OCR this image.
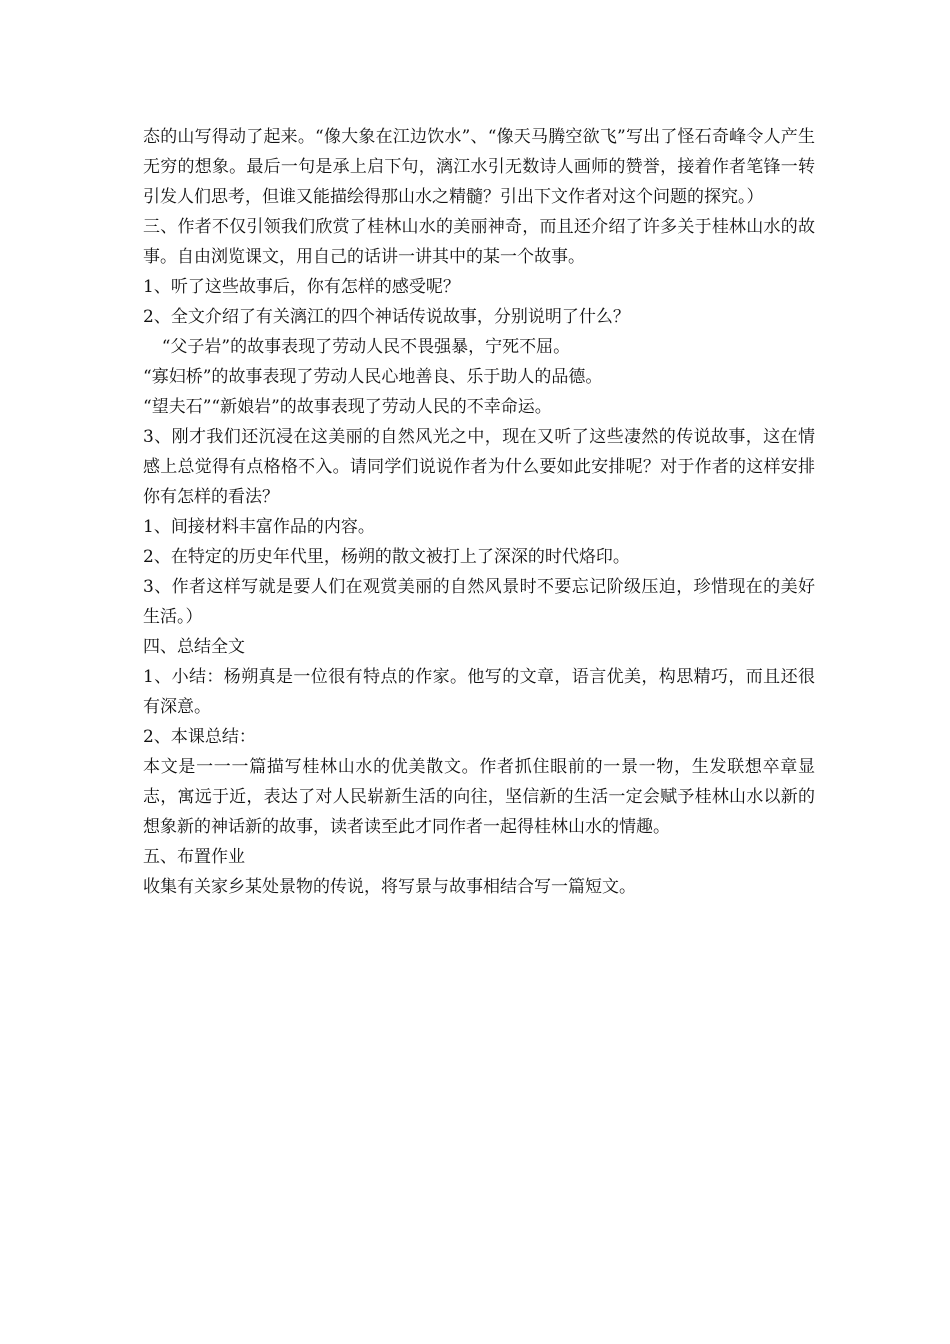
态的山写得动了起来。“像大象在江边饮水”、“像天马腾空欲飞”写出了怪石奇峰令人产生无穷的想象。最后一句是承上启下句，漓江水引无数诗人画师的赞誉，接着作者笔锋一转引发人们思考，但谁又能描绘得那山水之精髓？引出下文作者对这个问题的探究。）

三、作者不仅引领我们欣赏了桂林山水的美丽神奇，而且还介绍了许多关于桂林山水的故事。自由浏览课文，用自己的话讲一讲其中的某一个故事。

1、听了这些故事后，你有怎样的感受呢？

2、全文介绍了有关漓江的四个神话传说故事，分别说明了什么？

“父子岩”的故事表现了劳动人民不畏强暴，宁死不屈。

“寡妇桥”的故事表现了劳动人民心地善良、乐于助人的品德。

“望夫石”“新娘岩”的故事表现了劳动人民的不幸命运。

3、刚才我们还沉浸在这美丽的自然风光之中，现在又听了这些凄然的传说故事，这在情感上总觉得有点格格不入。请同学们说说作者为什么要如此安排呢？对于作者的这样安排你有怎样的看法？

1、间接材料丰富作品的内容。

2、在特定的历史年代里，杨朔的散文被打上了深深的时代烙印。

3、作者这样写就是要人们在观赏美丽的自然风景时不要忘记阶级压迫，珍惜现在的美好生活。）

四、总结全文

1、小结：杨朔真是一位很有特点的作家。他写的文章，语言优美，构思精巧，而且还很有深意。

2、本课总结：

本文是一一一篇描写桂林山水的优美散文。作者抓住眼前的一景一物，生发联想卒章显志，寓远于近，表达了对人民崭新生活的向往，坚信新的生活一定会赋予桂林山水以新的想象新的神话新的故事，读者读至此才同作者一起得桂林山水的情趣。

五、布置作业

收集有关家乡某处景物的传说，将写景与故事相结合写一篇短文。
